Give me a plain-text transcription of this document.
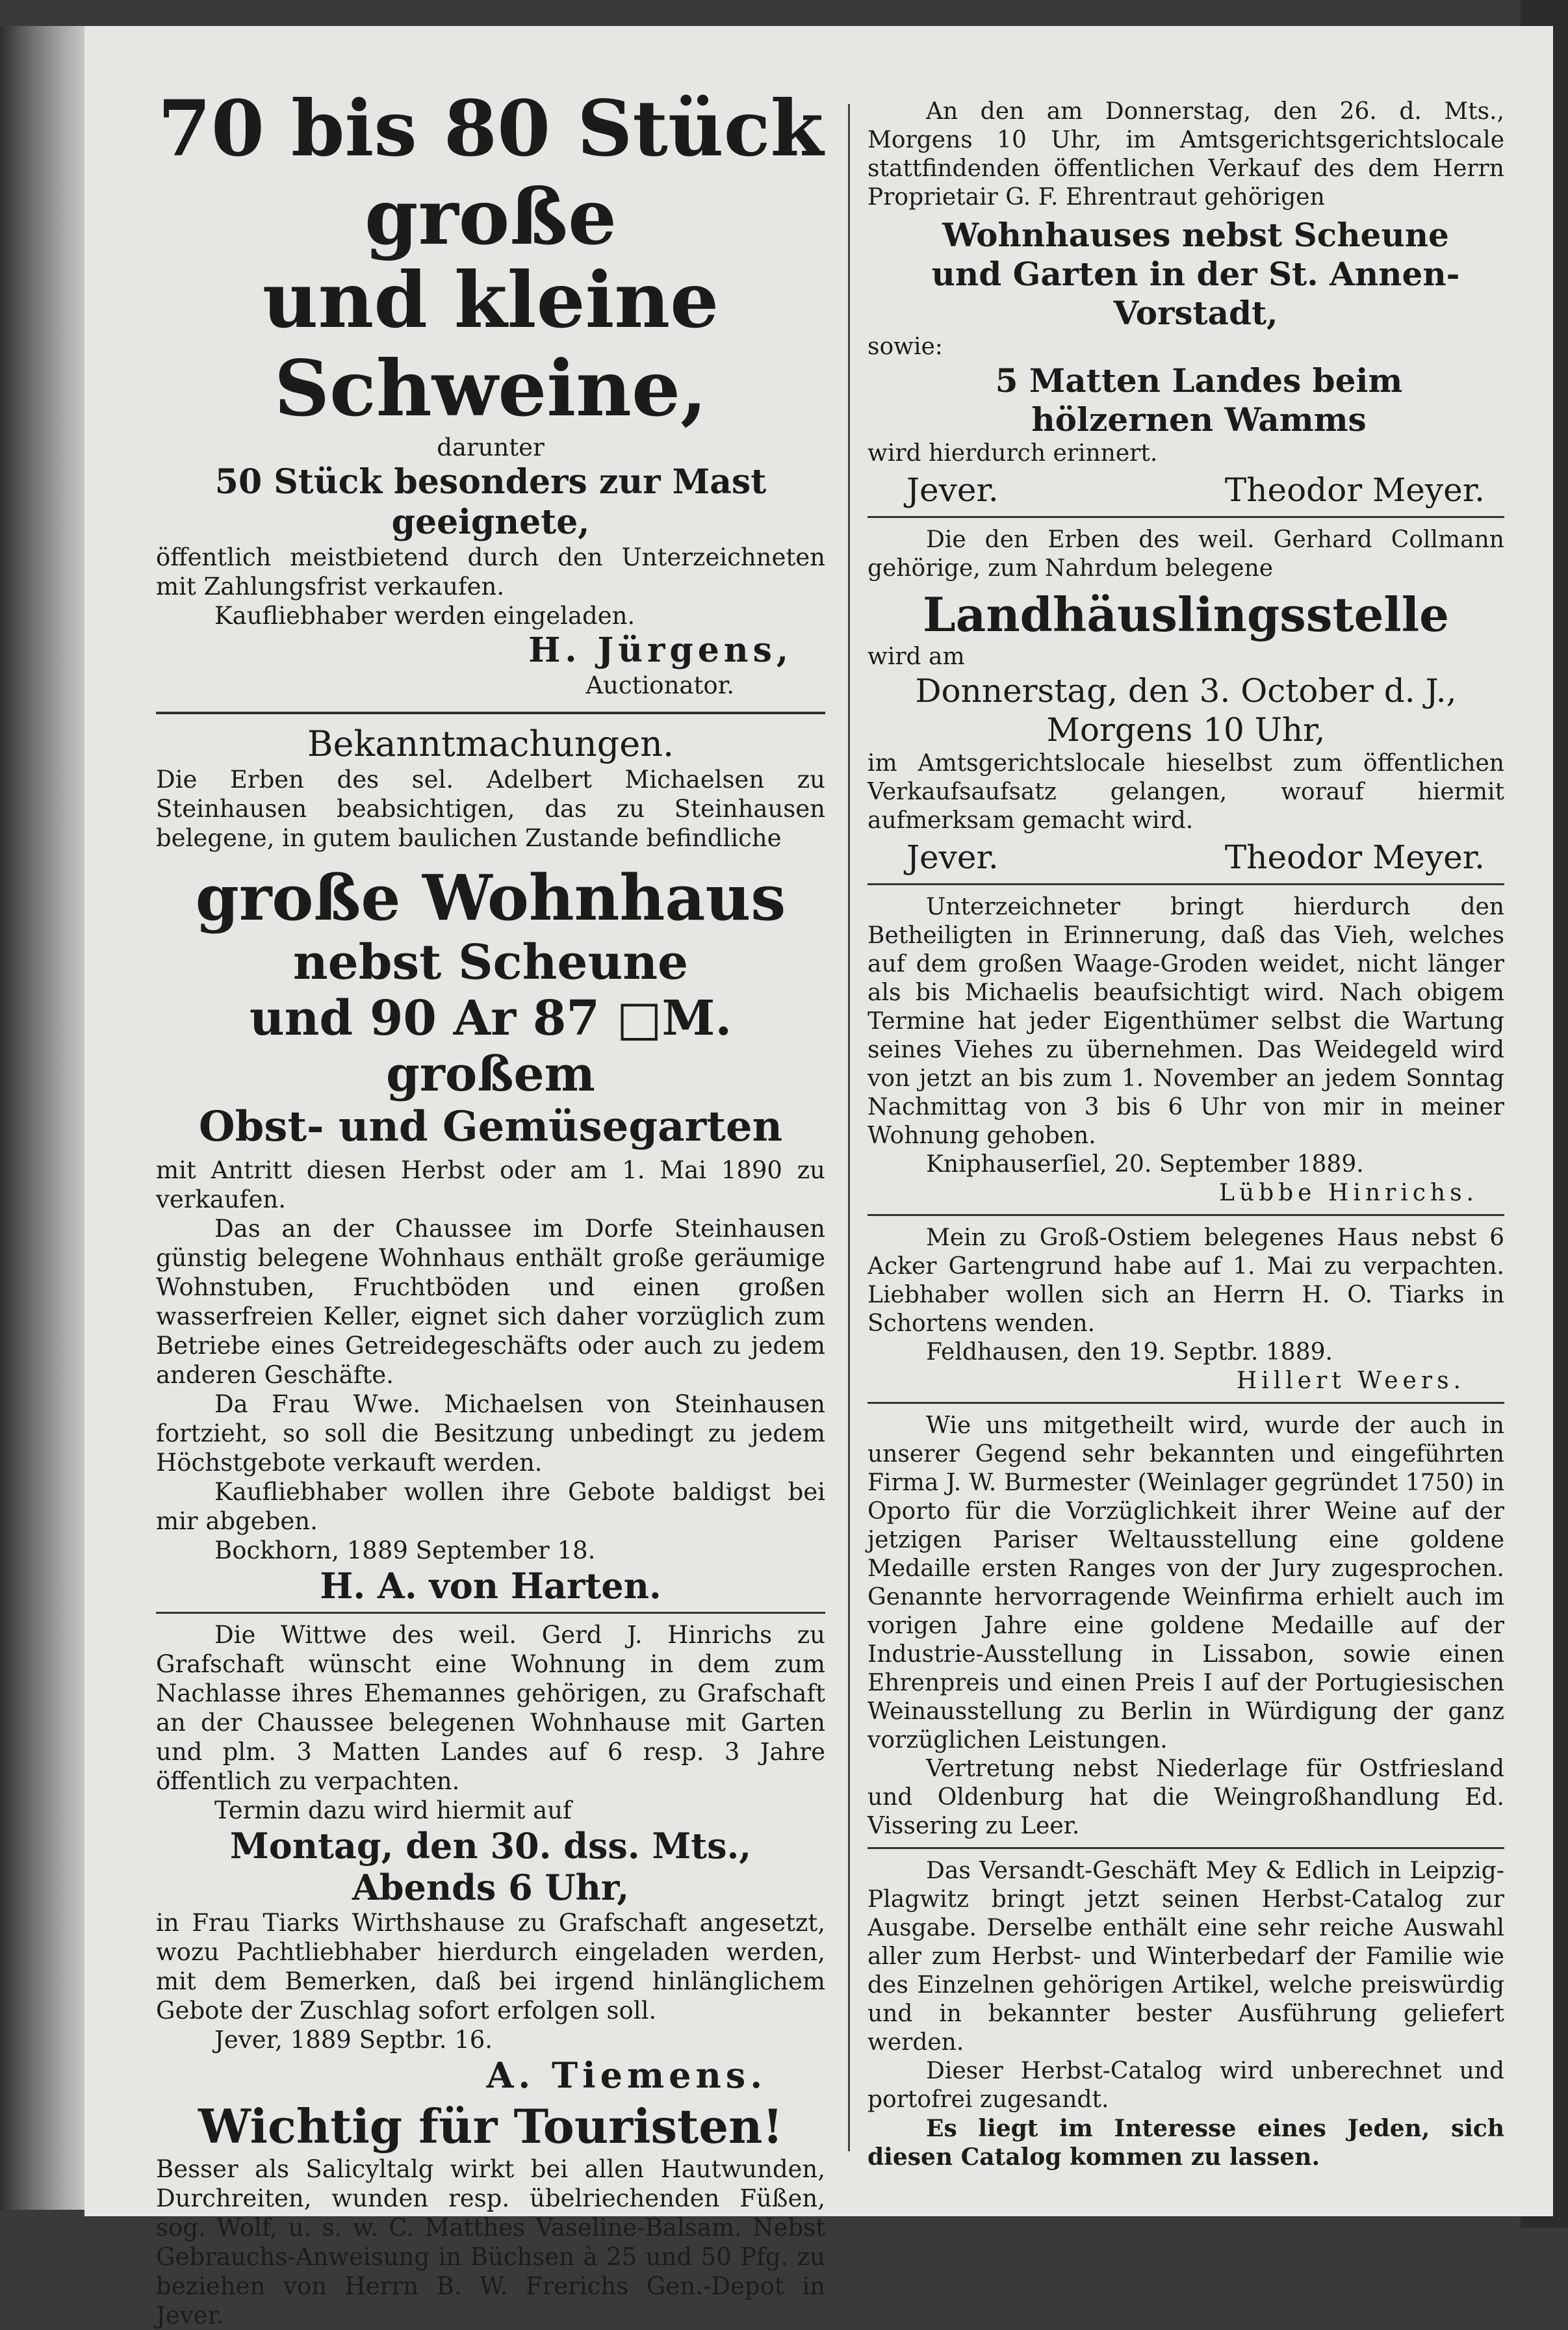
70 bis 80 Stück große

und kleine Schweine,

darunter

50 Stück besonders zur Mast geeignete,

öffentlich meistbietend durch den Unterzeichneten mit Zahlungsfrist verkaufen.

Kaufliebhaber werden eingeladen.

H. Jürgens,

Auctionator.

Bekanntmachungen.

Die Erben des sel. Adelbert Michaelsen zu Steinhausen beabsichtigen, das zu Steinhausen belegene, in gutem baulichen Zustande befindliche

große Wohnhaus

nebst Scheune

und 90 Ar 87 □M. großem

Obst- und Gemüsegarten

mit Antritt diesen Herbst oder am 1. Mai 1890 zu verkaufen.

Das an der Chaussee im Dorfe Steinhausen günstig belegene Wohnhaus enthält große geräumige Wohnstuben, Fruchtböden und einen großen wasserfreien Keller, eignet sich daher vorzüglich zum Betriebe eines Getreidegeschäfts oder auch zu jedem anderen Geschäfte.

Da Frau Wwe. Michaelsen von Steinhausen fortzieht, so soll die Besitzung unbedingt zu jedem Höchstgebote verkauft werden.

Kaufliebhaber wollen ihre Gebote baldigst bei mir abgeben.

Bockhorn, 1889 September 18.

H. A. von Harten.

Die Wittwe des weil. Gerd J. Hinrichs zu Grafschaft wünscht eine Wohnung in dem zum Nachlasse ihres Ehemannes gehörigen, zu Grafschaft an der Chaussee belegenen Wohnhause mit Garten und plm. 3 Matten Landes auf 6 resp. 3 Jahre öffentlich zu verpachten.

Termin dazu wird hiermit auf

Montag, den 30. dss. Mts.,

Abends 6 Uhr,

in Frau Tiarks Wirthshause zu Grafschaft angesetzt, wozu Pachtliebhaber hierdurch eingeladen werden, mit dem Bemerken, daß bei irgend hinlänglichem Gebote der Zuschlag sofort erfolgen soll.

Jever, 1889 Septbr. 16.

A. Tiemens.

Wichtig für Touristen!

Besser als Salicyltalg wirkt bei allen Hautwunden, Durchreiten, wunden resp. übelriechenden Füßen, sog. Wolf, u. s. w. C. Matthes Vaseline-Balsam. Nebst Gebrauchs-Anweisung in Büchsen à 25 und 50 Pfg. zu beziehen von Herrn B. W. Frerichs Gen.-Depot in Jever.

An den am Donnerstag, den 26. d. Mts., Morgens 10 Uhr, im Amtsgerichtsgerichtslocale stattfindenden öffentlichen Verkauf des dem Herrn Proprietair G. F. Ehrentraut gehörigen

Wohnhauses nebst Scheune und Garten in der St. Annen-Vorstadt,

sowie:

5 Matten Landes beim hölzernen Wamms

wird hierdurch erinnert.

Jever.	Theodor Meyer.

Die den Erben des weil. Gerhard Collmann gehörige, zum Nahrdum belegene

Landhäuslingsstelle

wird am

Donnerstag, den 3. October d. J.,

Morgens 10 Uhr,

im Amtsgerichtslocale hieselbst zum öffentlichen Verkaufsaufsatz gelangen, worauf hiermit aufmerksam gemacht wird.

Jever.	Theodor Meyer.

Unterzeichneter bringt hierdurch den Betheiligten in Erinnerung, daß das Vieh, welches auf dem großen Waage-Groden weidet, nicht länger als bis Michaelis beaufsichtigt wird. Nach obigem Termine hat jeder Eigenthümer selbst die Wartung seines Viehes zu übernehmen. Das Weidegeld wird von jetzt an bis zum 1. November an jedem Sonntag Nachmittag von 3 bis 6 Uhr von mir in meiner Wohnung gehoben.

Kniphauserſiel, 20. September 1889.

Lübbe Hinrichs.

Mein zu Groß-Ostiem belegenes Haus nebst 6 Acker Gartengrund habe auf 1. Mai zu verpachten. Liebhaber wollen sich an Herrn H. O. Tiarks in Schortens wenden.

Feldhausen, den 19. Septbr. 1889.

Hillert Weers.

Wie uns mitgetheilt wird, wurde der auch in unserer Gegend sehr bekannten und eingeführten Firma J. W. Burmester (Weinlager gegründet 1750) in Oporto für die Vorzüglichkeit ihrer Weine auf der jetzigen Pariser Weltausstellung eine goldene Medaille ersten Ranges von der Jury zugesprochen. Genannte hervorragende Weinfirma erhielt auch im vorigen Jahre eine goldene Medaille auf der Industrie-Ausstellung in Lissabon, sowie einen Ehrenpreis und einen Preis I auf der Portugiesischen Weinausstellung zu Berlin in Würdigung der ganz vorzüglichen Leistungen.

Vertretung nebst Niederlage für Ostfriesland und Oldenburg hat die Weingroßhandlung Ed. Vissering zu Leer.

Das Versandt-Geschäft Mey & Edlich in Leipzig-Plagwitz bringt jetzt seinen Herbst-Catalog zur Ausgabe. Derselbe enthält eine sehr reiche Auswahl aller zum Herbst- und Winterbedarf der Familie wie des Einzelnen gehörigen Artikel, welche preiswürdig und in bekannter bester Ausführung geliefert werden.

Dieser Herbst-Catalog wird unberechnet und portofrei zugesandt.

Es liegt im Interesse eines Jeden, sich diesen Catalog kommen zu lassen.
